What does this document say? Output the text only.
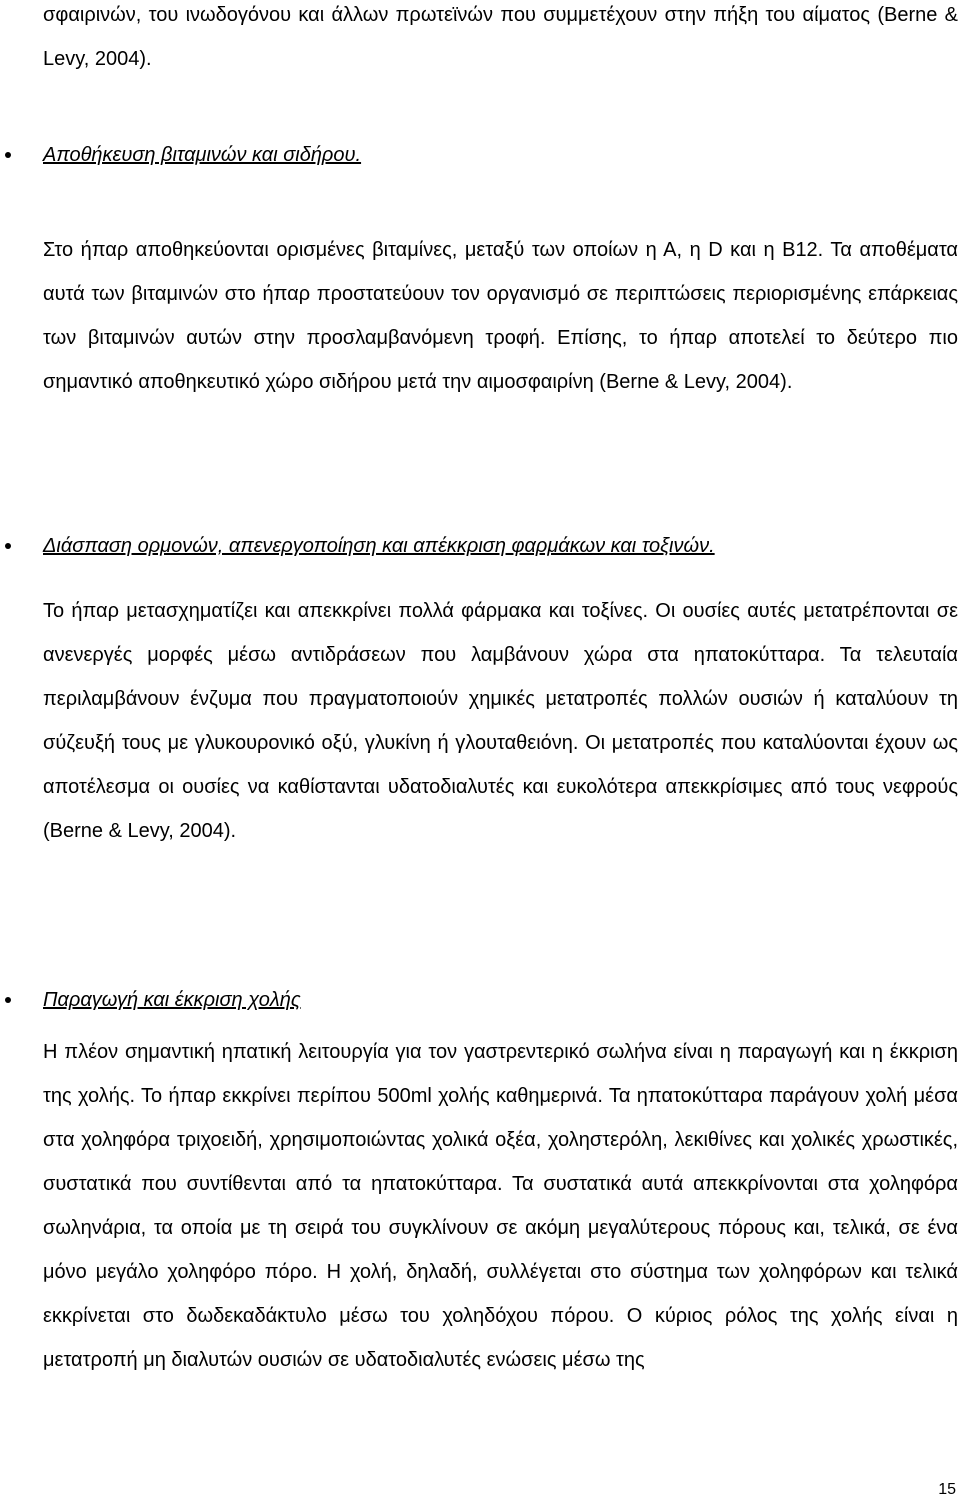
σφαιρινών, του ινωδογόνου και άλλων πρωτεϊνών που συμμετέχουν στην πήξη του αίματος (Berne & Levy, 2004).

Αποθήκευση βιταμινών και σιδήρου.

Στο ήπαρ αποθηκεύονται ορισμένες βιταμίνες, μεταξύ των οποίων η Α, η D και η Β12. Τα αποθέματα αυτά των βιταμινών στο ήπαρ προστατεύουν τον οργανισμό σε περιπτώσεις περιορισμένης επάρκειας των βιταμινών αυτών στην προσλαμβανόμενη τροφή. Επίσης, το ήπαρ αποτελεί το δεύτερο πιο σημαντικό αποθηκευτικό χώρο σιδήρου μετά την αιμοσφαιρίνη (Berne & Levy, 2004).

Διάσπαση ορμονών, απενεργοποίηση και απέκκριση φαρμάκων και τοξινών.

Το ήπαρ μετασχηματίζει και απεκκρίνει πολλά φάρμακα και τοξίνες. Οι ουσίες αυτές μετατρέπονται σε ανενεργές μορφές μέσω αντιδράσεων που λαμβάνουν χώρα στα ηπατοκύτταρα. Τα τελευταία περιλαμβάνουν ένζυμα που πραγματοποιούν χημικές μετατροπές πολλών ουσιών ή καταλύουν τη σύζευξή τους με γλυκουρονικό οξύ, γλυκίνη ή γλουταθειόνη. Οι μετατροπές που καταλύονται έχουν ως αποτέλεσμα οι ουσίες να καθίστανται υδατοδιαλυτές και ευκολότερα απεκκρίσιμες από τους νεφρούς (Berne & Levy, 2004).

Παραγωγή και έκκριση χολής

Η πλέον σημαντική ηπατική λειτουργία για τον γαστρεντερικό σωλήνα είναι η παραγωγή και η έκκριση της χολής. Το ήπαρ εκκρίνει περίπου 500ml χολής καθημερινά. Τα ηπατοκύτταρα παράγουν χολή μέσα στα χοληφόρα τριχοειδή, χρησιμοποιώντας χολικά οξέα, χοληστερόλη, λεκιθίνες και χολικές χρωστικές, συστατικά που συντίθενται από τα ηπατοκύτταρα. Τα συστατικά αυτά απεκκρίνονται στα χοληφόρα σωληνάρια, τα οποία με τη σειρά του συγκλίνουν σε ακόμη μεγαλύτερους πόρους και, τελικά, σε ένα μόνο μεγάλο χοληφόρο πόρο. Η χολή, δηλαδή, συλλέγεται στο σύστημα των χοληφόρων και τελικά εκκρίνεται στο δωδεκαδάκτυλο μέσω του χοληδόχου πόρου. Ο κύριος ρόλος της χολής είναι η μετατροπή μη διαλυτών ουσιών σε υδατοδιαλυτές ενώσεις μέσω της

15
